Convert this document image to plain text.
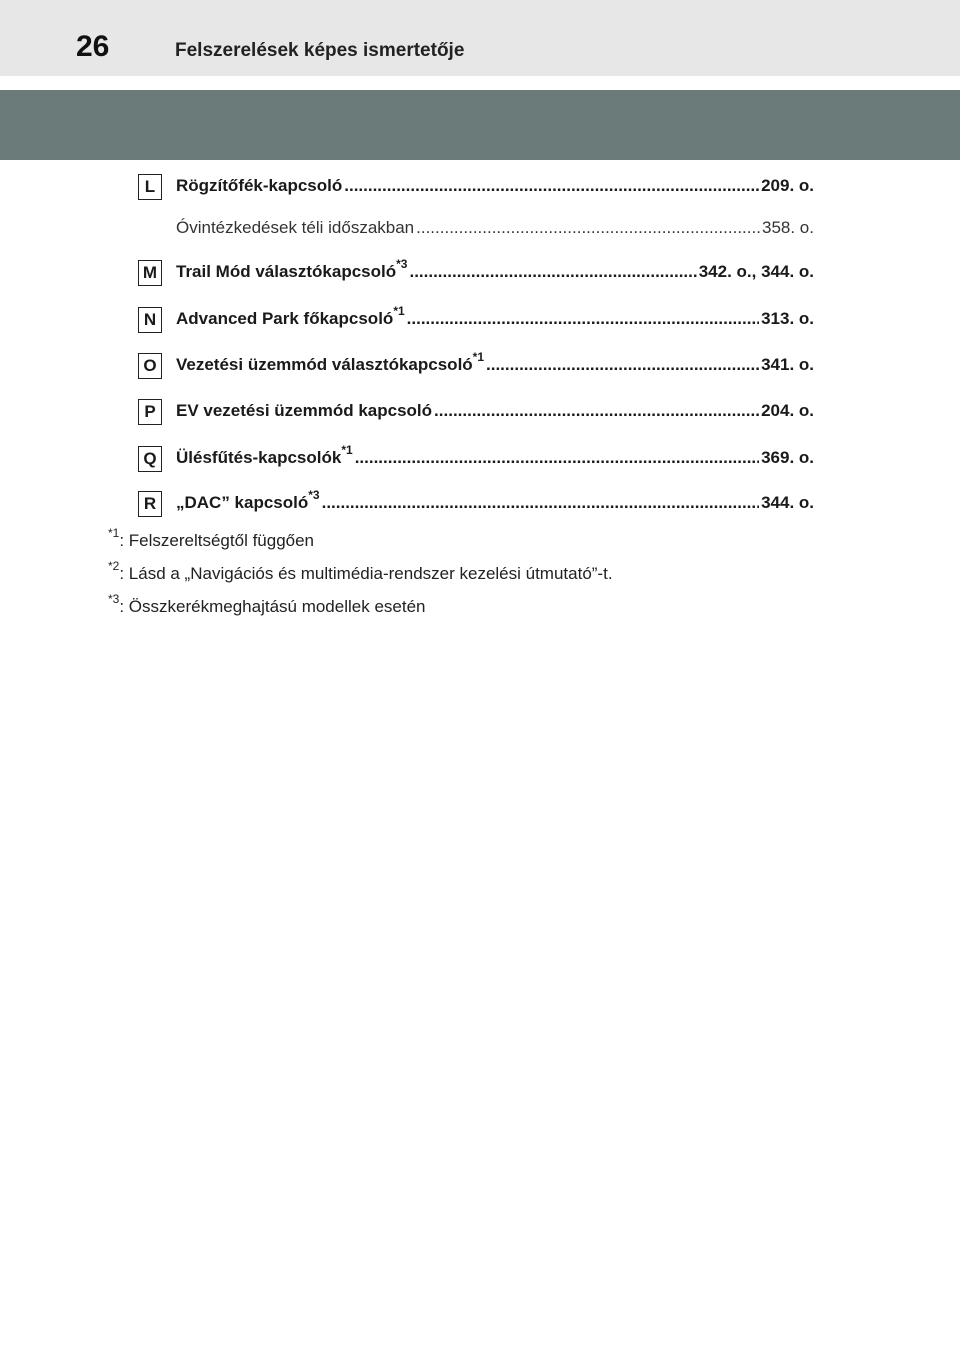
26	Felszerelések képes ismertetője
L	Rögzítőfék-kapcsoló .....	209. o.
Óvintézkedések téli időszakban .....	358. o.
M Trail Mód választókapcsoló$^{*3}$ .....	342. o., 344. o.
N	Advanced Park főkapcsoló$^{*1}$ .....	313. o.
O	Vezetési üzemmód választókapcsoló$^{*1}$ .....	341. o.
P	EV vezetési üzemmód kapcsoló .....	204. o.
Q	Ülésfűtés-kapcsolók$^{*1}$ .....	369. o.
R	„DAC” kapcsoló$^{*3}$ .....	344. o.
$^{*1}$: Felszereltségtől függően
$^{*2}$: Lásd a „Navigációs és multimédia-rendszer kezelési útmutató”-t.
$^{*3}$: Összkerékmeghajtású modellek esetén
